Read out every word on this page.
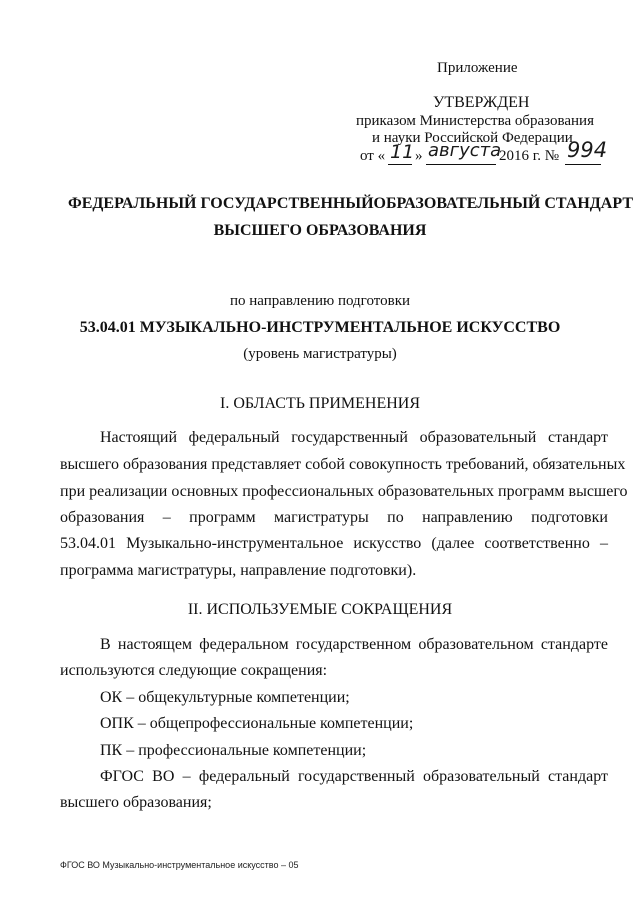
Приложение
УТВЕРЖДЕН
приказом Министерства образования
и науки Российской Федерации
от « 11 » августа
2016 г. № 994
ФЕДЕРАЛЬНЫЙ ГОСУДАРСТВЕННЫЙОБРАЗОВАТЕЛЬНЫЙ СТАНДАРТ
ВЫСШЕГО ОБРАЗОВАНИЯ
по направлению подготовки
53.04.01 МУЗЫКАЛЬНО-ИНСТРУМЕНТАЛЬНОЕ ИСКУССТВО
(уровень магистратуры)
I. ОБЛАСТЬ ПРИМЕНЕНИЯ
Настоящий федеральный государственный образовательный стандарт
высшего образования представляет собой совокупность требований, обязательных
при реализации основных профессиональных образовательных программ высшего
образования – программ магистратуры по направлению подготовки
53.04.01 Музыкально-инструментальное искусство (далее соответственно –
программа магистратуры, направление подготовки).
II. ИСПОЛЬЗУЕМЫЕ СОКРАЩЕНИЯ
В настоящем федеральном государственном образовательном стандарте
используются следующие сокращения:
ОК – общекультурные компетенции;
ОПК – общепрофессиональные компетенции;
ПК – профессиональные компетенции;
ФГОС ВО – федеральный государственный образовательный стандарт
высшего образования;
ФГОС ВО Музыкально-инструментальное искусство – 05
